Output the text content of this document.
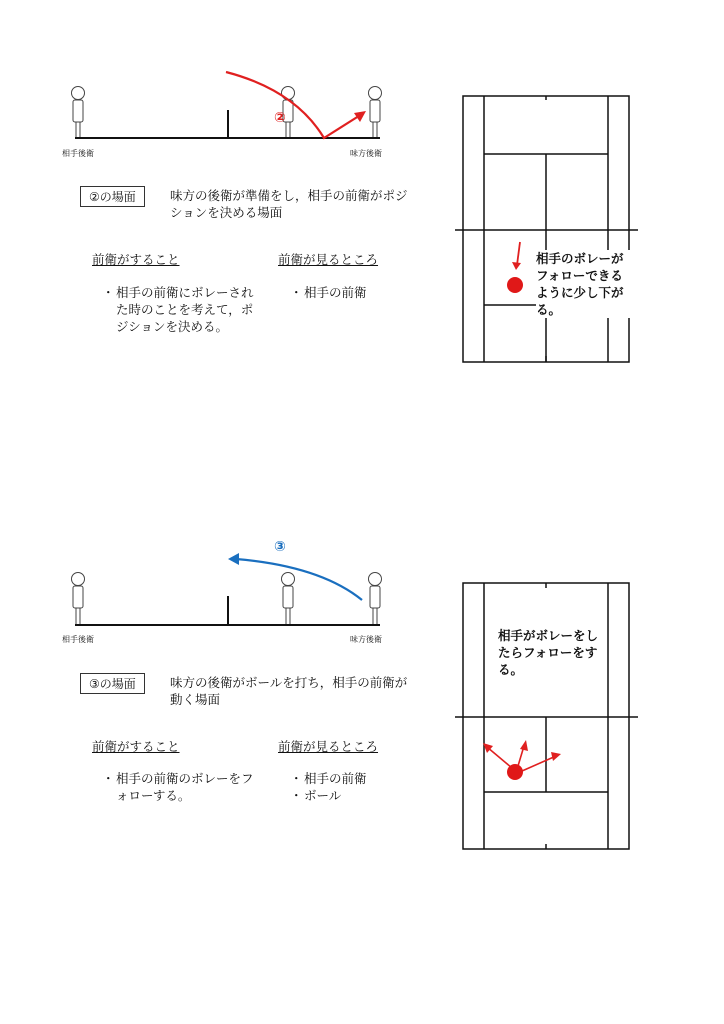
②
相手後衛	味方後衛
②の場面	味方の後衛が準備をし，相手の前衛がポジションを決める場面
前衛がすること
・ 相手の前衛にボレーされた時のことを考えて，ポジションを決める。
前衛が見るところ
・ 相手の前衛
相手のボレーがフォローできるように少し下がる。
③
相手後衛	味方後衛
③の場面	味方の後衛がボールを打ち，相手の前衛が動く場面
前衛がすること
・ 相手の前衛のボレーをフォローする。
前衛が見るところ
・ 相手の前衛
・ ボール
相手がボレーをしたらフォローをする。
